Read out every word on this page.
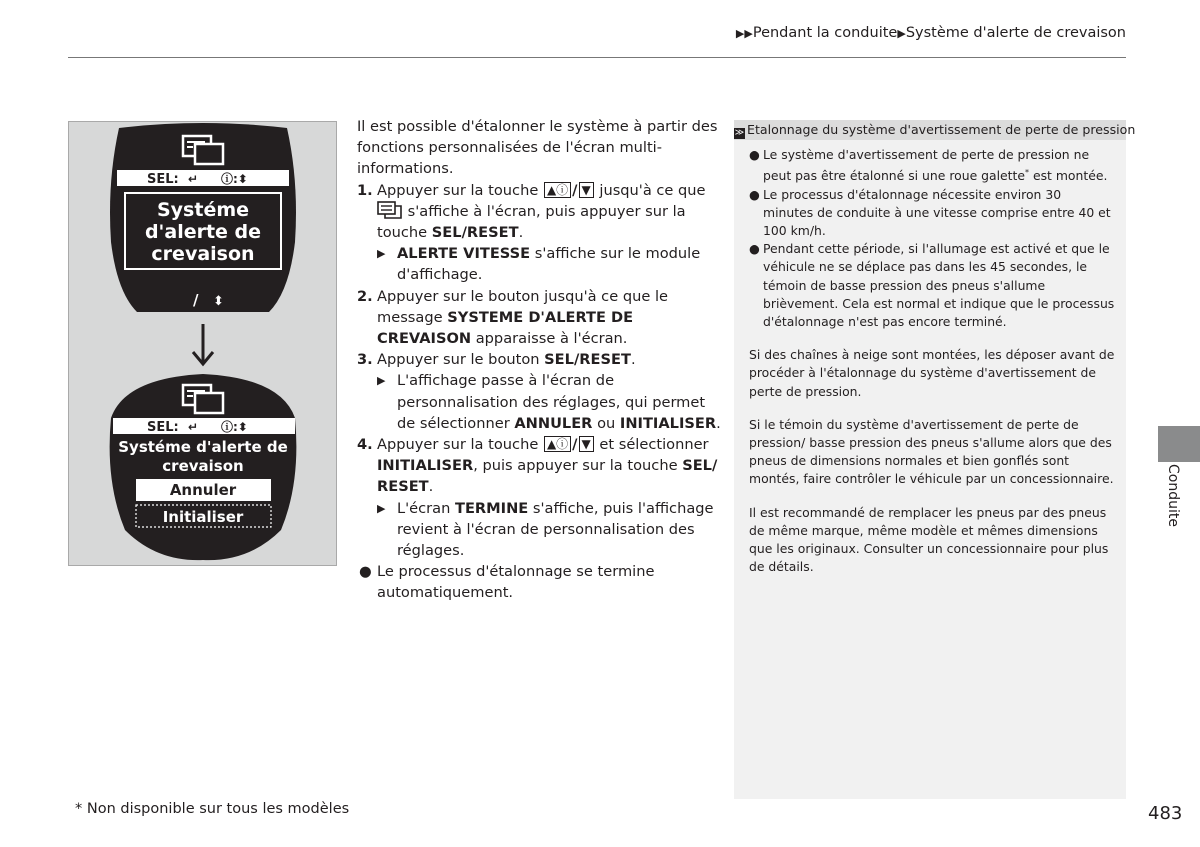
▶▶Pendant la conduite▶Système d'alerte de crevaison
SEL: ↵ ⓘ:⬍
Systéme
d'alerte de
crevaison
/ ⬍
SEL: ↵ ⓘ:⬍
Systéme d'alerte de
crevaison
Annuler
Initialiser

Il est possible d'étalonner le système à partir des fonctions personnalisées de l'écran multi-informations.

1. Appuyer sur la touche ▲ⓘ / ▼ jusqu'à ce que  s'affiche à l'écran, puis appuyer sur la touche SEL/RESET.

▶ ALERTE VITESSE s'affiche sur le module d'affichage.

2. Appuyer sur le bouton jusqu'à ce que le message SYSTEME D'ALERTE DE CREVAISON apparaisse à l'écran.

3. Appuyer sur le bouton SEL/RESET.

▶ L'affichage passe à l'écran de personnalisation des réglages, qui permet de sélectionner ANNULER ou INITIALISER.

4. Appuyer sur la touche ▲ⓘ / ▼ et sélectionner INITIALISER, puis appuyer sur la touche SEL/ RESET.

▶ L'écran TERMINE s'affiche, puis l'affichage revient à l'écran de personnalisation des réglages.

● Le processus d'étalonnage se termine automatiquement.

≫ Etalonnage du système d'avertissement de perte de pression
● Le système d'avertissement de perte de pression ne peut pas être étalonné si une roue galette* est montée.
● Le processus d'étalonnage nécessite environ 30 minutes de conduite à une vitesse comprise entre 40 et 100 km/h.
● Pendant cette période, si l'allumage est activé et que le véhicule ne se déplace pas dans les 45 secondes, le témoin de basse pression des pneus s'allume brièvement. Cela est normal et indique que le processus d'étalonnage n'est pas encore terminé.

Si des chaînes à neige sont montées, les déposer avant de procéder à l'étalonnage du système d'avertissement de perte de pression.

Si le témoin du système d'avertissement de perte de pression/ basse pression des pneus s'allume alors que des pneus de dimensions normales et bien gonflés sont montés, faire contrôler le véhicule par un concessionnaire.

Il est recommandé de remplacer les pneus par des pneus de même marque, même modèle et mêmes dimensions que les originaux. Consulter un concessionnaire pour plus de détails.

Conduite
* Non disponible sur tous les modèles	483
